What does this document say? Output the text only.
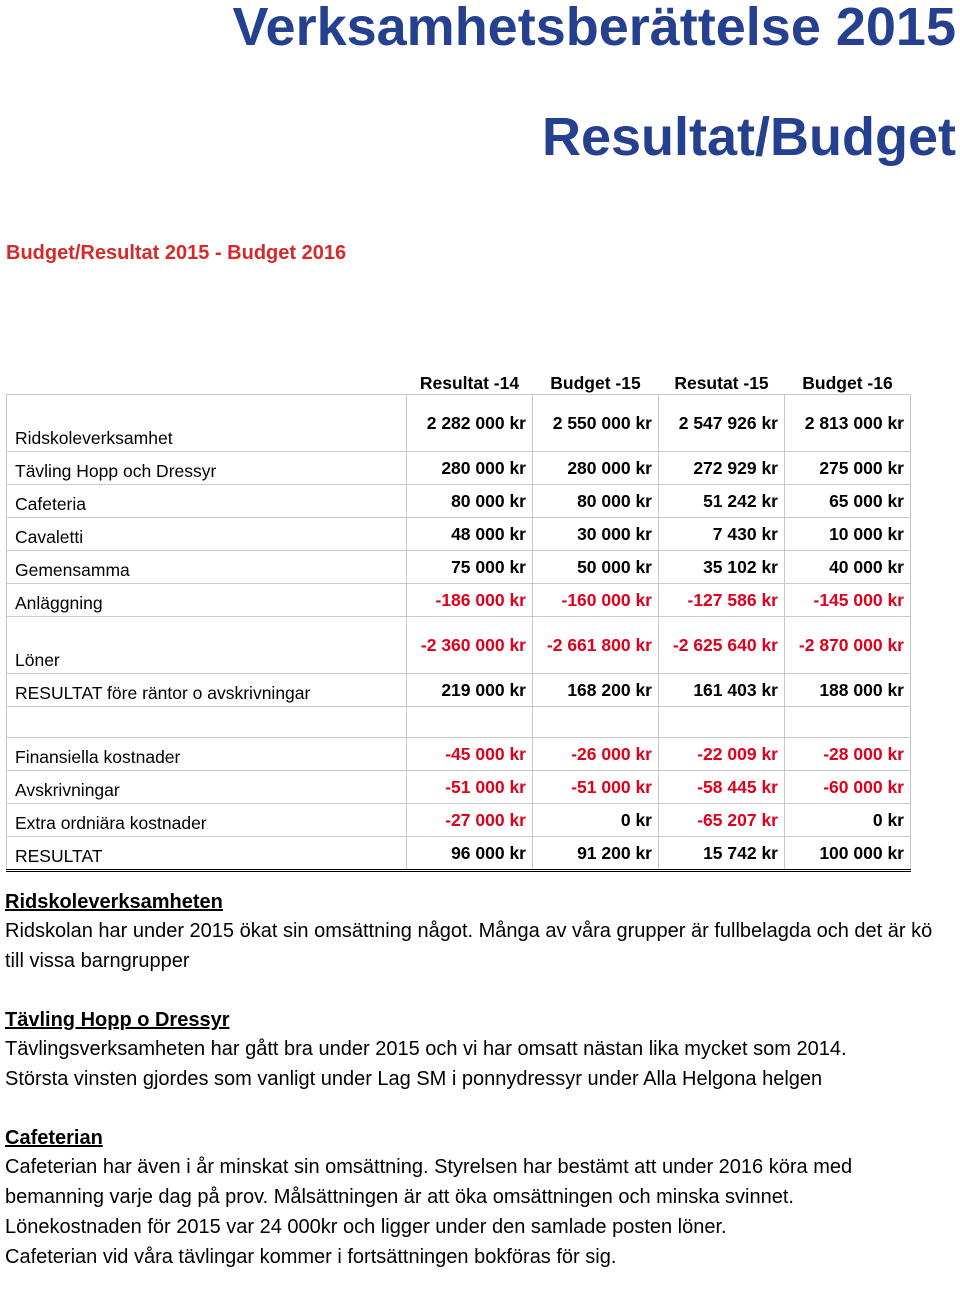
Verksamhetsberättelse 2015
Resultat/Budget
Budget/Resultat 2015 - Budget 2016
	Resultat -14	Budget -15	Resutat -15	Budget -16
Ridskoleverksamhet	2 282 000 kr	2 550 000 kr	2 547 926 kr	2 813 000 kr
Tävling Hopp och Dressyr	280 000 kr	280 000 kr	272 929 kr	275 000 kr
Cafeteria	80 000 kr	80 000 kr	51 242 kr	65 000 kr
Cavaletti	48 000 kr	30 000 kr	7 430 kr	10 000 kr
Gemensamma	75 000 kr	50 000 kr	35 102 kr	40 000 kr
Anläggning	-186 000 kr	-160 000 kr	-127 586 kr	-145 000 kr
Löner	-2 360 000 kr	-2 661 800 kr	-2 625 640 kr	-2 870 000 kr
RESULTAT före räntor o avskrivningar	219 000 kr	168 200 kr	161 403 kr	188 000 kr

Finansiella kostnader	-45 000 kr	-26 000 kr	-22 009 kr	-28 000 kr
Avskrivningar	-51 000 kr	-51 000 kr	-58 445 kr	-60 000 kr
Extra ordniära kostnader	-27 000 kr	0 kr	-65 207 kr	0 kr
RESULTAT	96 000 kr	91 200 kr	15 742 kr	100 000 kr
Ridskoleverksamheten

Ridskolan har under 2015 ökat sin omsättning något. Många av våra grupper är fullbelagda och det är kö till vissa barngrupper

Tävling Hopp o Dressyr

Tävlingsverksamheten har gått bra under 2015 och vi har omsatt nästan lika mycket som 2014.

Största vinsten gjordes som vanligt under Lag SM i ponnydressyr under Alla Helgona helgen

Cafeterian

Cafeterian har även i år minskat sin omsättning. Styrelsen har bestämt att under 2016 köra med bemanning varje dag på prov. Målsättningen är att öka omsättningen och minska svinnet.

Lönekostnaden för 2015 var 24 000kr och ligger under den samlade posten löner.

Cafeterian vid våra tävlingar kommer i fortsättningen bokföras för sig.
